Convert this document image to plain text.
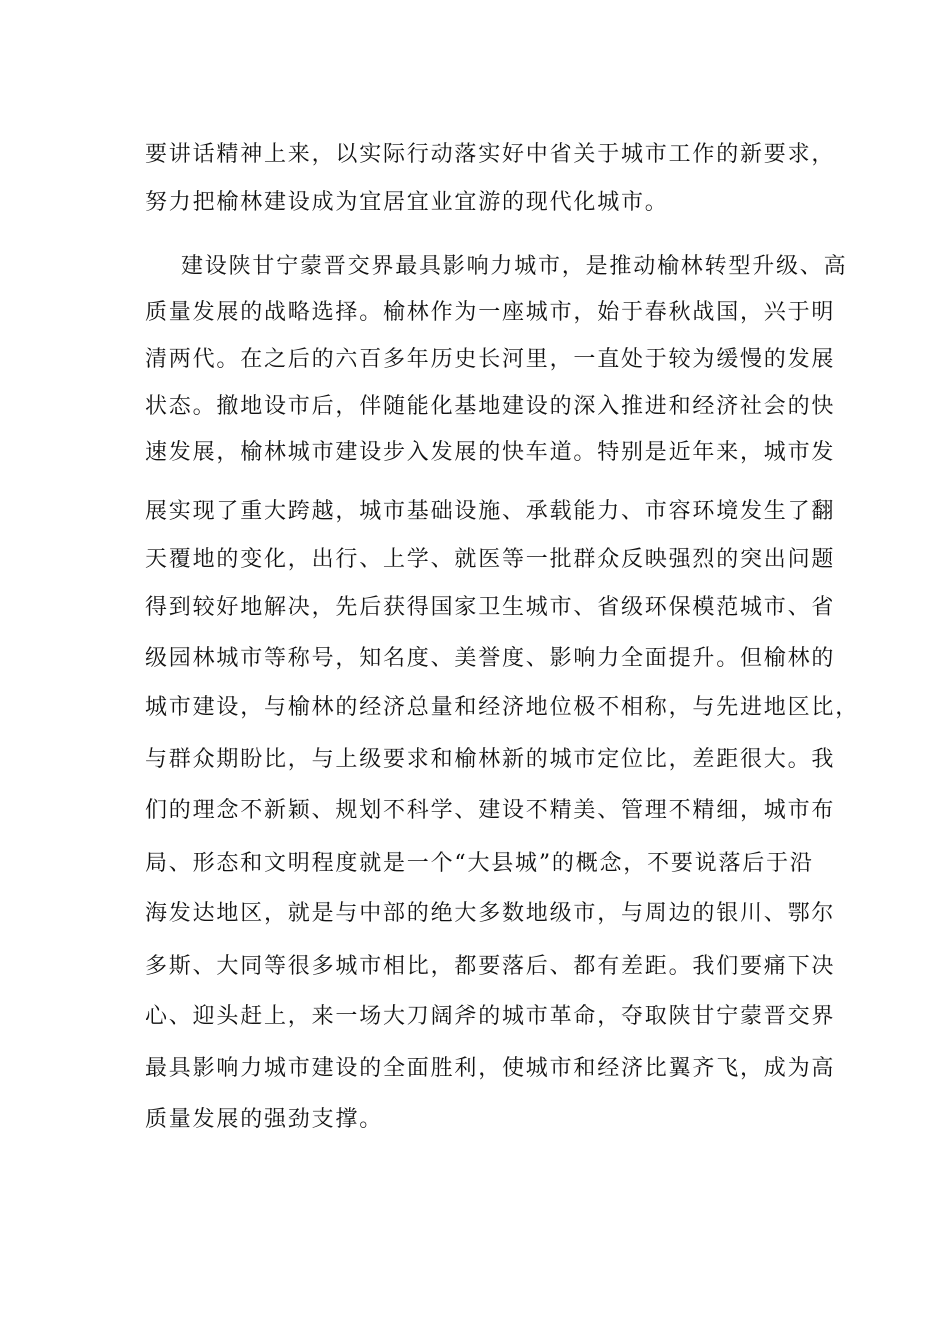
要讲话精神上来，以实际行动落实好中省关于城市工作的新要求，
努力把榆林建设成为宜居宜业宜游的现代化城市。
建设陕甘宁蒙晋交界最具影响力城市，是推动榆林转型升级、高
质量发展的战略选择。榆林作为一座城市，始于春秋战国，兴于明
清两代。在之后的六百多年历史长河里，一直处于较为缓慢的发展
状态。撤地设市后，伴随能化基地建设的深入推进和经济社会的快
速发展，榆林城市建设步入发展的快车道。特别是近年来，城市发
展实现了重大跨越，城市基础设施、承载能力、市容环境发生了翻
天覆地的变化，出行、上学、就医等一批群众反映强烈的突出问题
得到较好地解决，先后获得国家卫生城市、省级环保模范城市、省
级园林城市等称号，知名度、美誉度、影响力全面提升。但榆林的
城市建设，与榆林的经济总量和经济地位极不相称，与先进地区比，
与群众期盼比，与上级要求和榆林新的城市定位比，差距很大。我
们的理念不新颖、规划不科学、建设不精美、管理不精细，城市布
局、形态和文明程度就是一个“大县城”的概念，不要说落后于沿
海发达地区，就是与中部的绝大多数地级市，与周边的银川、鄂尔
多斯、大同等很多城市相比，都要落后、都有差距。我们要痛下决
心、迎头赶上，来一场大刀阔斧的城市革命，夺取陕甘宁蒙晋交界
最具影响力城市建设的全面胜利，使城市和经济比翼齐飞，成为高
质量发展的强劲支撑。
